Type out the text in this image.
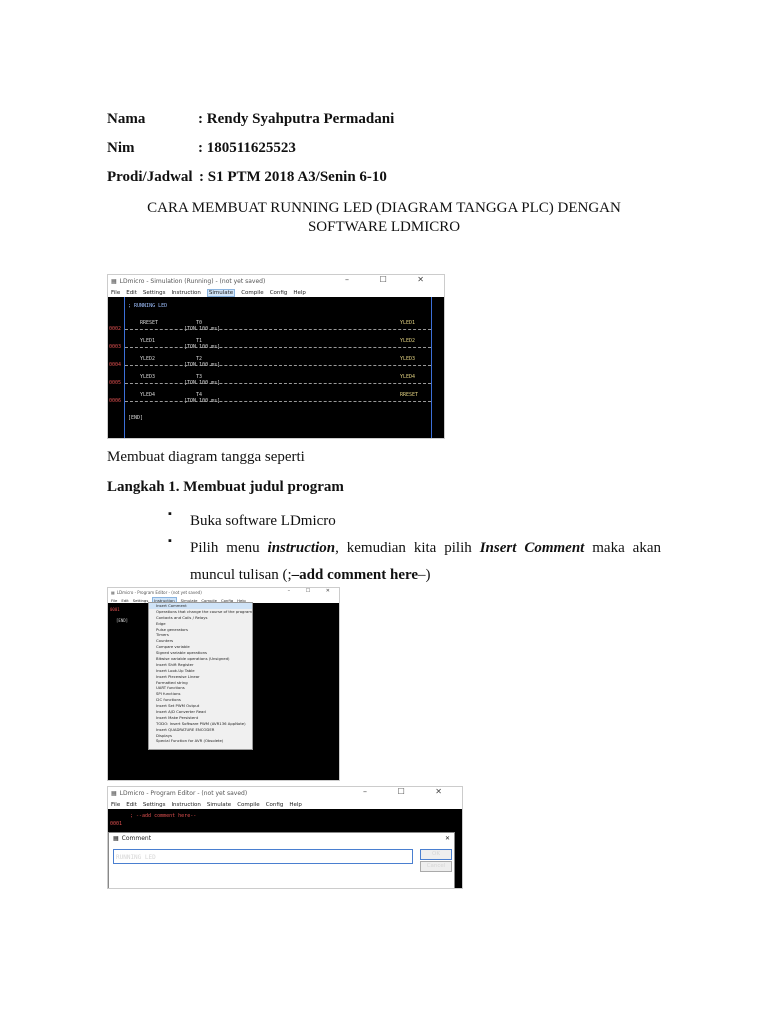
Nama	: Rendy Syahputra Permadani
Nim	: 180511625523
Prodi/Jadwal : S1 PTM 2018 A3/Senin 6-10
CARA MEMBUAT RUNNING LED (DIAGRAM TANGGA PLC) DENGAN
SOFTWARE LDMICRO
▦ LDmicro - Simulation (Running) - (not yet saved)	– ☐ ✕
File Edit Settings Instruction	Simulate	Compile Config Help
; RUNNING LED
0002
RRESET	T0
[TON 100 ms]
YLED1
0003
YLED1	T1
[TON 100 ms]
YLED2
0004
YLED2	T2
[TON 100 ms]
YLED3
0005
YLED3	T3
[TON 100 ms]
YLED4
0006
YLED4	T4
[TON 100 ms]
RRESET
[END]
Membuat diagram tangga seperti
Langkah 1. Membuat judul program
▪ Buka software LDmicro
▪ Pilih menu instruction, kemudian kita pilih Insert Comment maka akan muncul tulisan (;–add comment here–)
▦ LDmicro - Program Editor - (not yet saved)	– ☐ ✕
File Edit Settings	Instruction	Simulate Compile Config Help
0001
[END]
Insert Comment
Operations that change the course of the program
Contacts and Coils / Relays
Edge
Pulse generators
Timers
Counters
Compare variable
Signed variable operations
Bitwise variable operations (Unsigned)
Insert Shift Register
Insert Look-Up Table
Insert Piecewise Linear
Formatted string
UART functions
SPI functions
I2C functions
Insert Set PWM Output
Insert A/D Converter Read
Insert Make Persistent
TODO: Insert Software PWM (AVR136 AppNote)
Insert QUADRATURE ENCODER
Displays
Special Function for AVR (Obsolete)
▦ LDmicro - Program Editor - (not yet saved)	– ☐ ✕
File Edit Settings Instruction Simulate Compile Config Help
0001
; --add comment here--
▦ Comment	✕
RUNNING LED	OK
Cancel
